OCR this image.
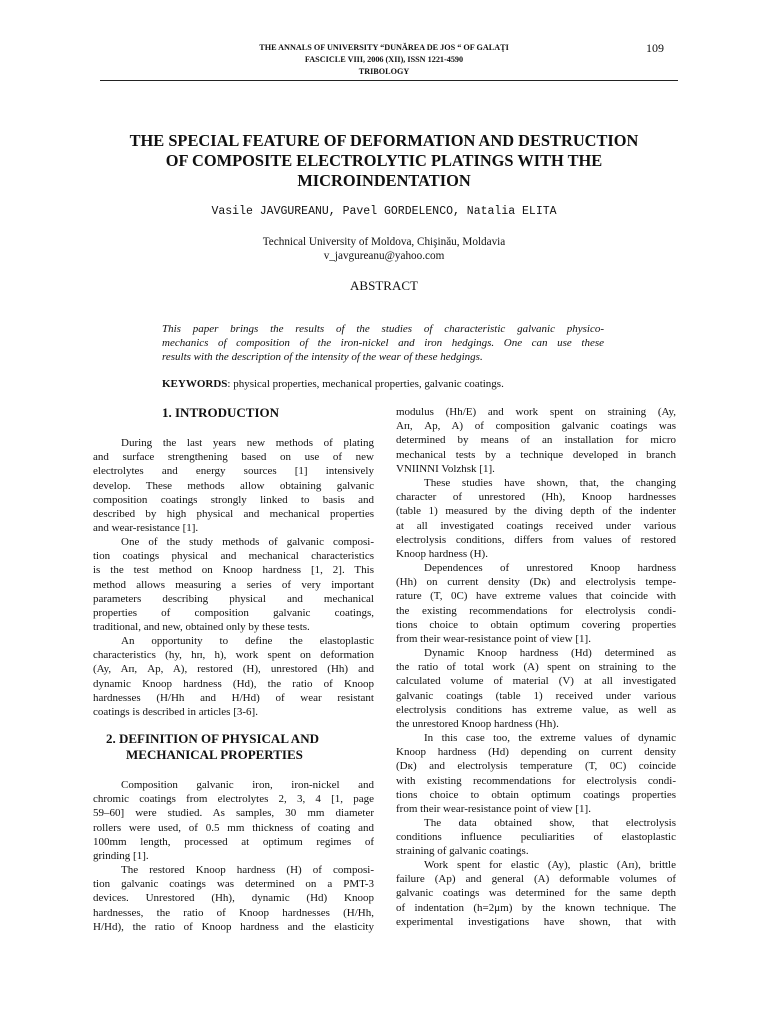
THE ANNALS OF UNIVERSITY “DUNĂREA DE JOS “ OF GALAŢI
FASCICLE VIII, 2006 (XII), ISSN 1221-4590
TRIBOLOGY
109
THE SPECIAL FEATURE OF DEFORMATION AND DESTRUCTION
OF COMPOSITE ELECTROLYTIC PLATINGS WITH THE
MICROINDENTATION
Vasile JAVGUREANU, Pavel GORDELENCO, Natalia ELITA
Technical University of Moldova, Chişinău, Moldavia
v_javgureanu@yahoo.com
ABSTRACT
This paper brings the results of the studies of characteristic galvanic physico-
mechanics of composition of the iron-nickel and iron hedgings. One can use these
results with the description of the intensity of the wear of these hedgings.
KEYWORDS: physical properties, mechanical properties, galvanic coatings.
1. INTRODUCTION
During the last years new methods of plating
and surface strengthening based on use of new
electrolytes and energy sources [1] intensively
develop. These methods allow obtaining galvanic
composition coatings strongly linked to basis and
described by high physical and mechanical properties
and wear-resistance [1].
One of the study methods of galvanic composi-
tion coatings physical and mechanical characteristics
is the test method on Knoop hardness [1, 2]. This
method allows measuring a series of very important
parameters describing physical and mechanical
properties of composition galvanic coatings,
traditional, and new, obtained only by these tests.
An opportunity to define the elastoplastic
characteristics (hy, hп, h), work spent on deformation
(Ay, Aп, Ap, A), restored (H), unrestored (Hh) and
dynamic Knoop hardness (Hd), the ratio of Knoop
hardnesses (H/Hh and H/Hd) of wear resistant
coatings is described in articles [3-6].
2. DEFINITION OF PHYSICAL AND
MECHANICAL PROPERTIES
Composition galvanic iron, iron-nickel and
chromic coatings from electrolytes 2, 3, 4 [1, page
59–60] were studied. As samples, 30 mm diameter
rollers were used, of 0.5 mm thickness of coating and
100mm length, processed at optimum regimes of
grinding [1].
The restored Knoop hardness (H) of composi-
tion galvanic coatings was determined on a PMT-3
devices. Unrestored (Hh), dynamic (Hd) Knoop
hardnesses, the ratio of Knoop hardnesses (H/Hh,
H/Hd), the ratio of Knoop hardness and the elasticity
modulus (Hh/E) and work spent on straining (Ay,
Aп, Ap, A) of composition galvanic coatings was
determined by means of an installation for micro
mechanical tests by a technique developed in branch
VNIINNI Volzhsk [1].
These studies have shown, that, the changing
character of unrestored (Hh), Knoop hardnesses
(table 1) measured by the diving depth of the indenter
at all investigated coatings received under various
electrolysis conditions, differs from values of restored
Knoop hardness (H).
Dependences of unrestored Knoop hardness
(Hh) on current density (Dк) and electrolysis tempe-
rature (T, 0C) have extreme values that coincide with
the existing recommendations for electrolysis condi-
tions choice to obtain optimum covering properties
from their wear-resistance point of view [1].
Dynamic Knoop hardness (Hd) determined as
the ratio of total work (A) spent on straining to the
calculated volume of material (V) at all investigated
galvanic coatings (table 1) received under various
electrolysis conditions has extreme value, as well as
the unrestored Knoop hardness (Hh).
In this case too, the extreme values of dynamic
Knoop hardness (Hd) depending on current density
(Dк) and electrolysis temperature (T, 0C) coincide
with existing recommendations for electrolysis condi-
tions choice to obtain optimum coatings properties
from their wear-resistance point of view [1].
The data obtained show, that electrolysis
conditions influence peculiarities of elastoplastic
straining of galvanic coatings.
Work spent for elastic (Ay), plastic (Aп), brittle
failure (Ap) and general (A) deformable volumes of
galvanic coatings was determined for the same depth
of indentation (h=2μm) by the known technique. The
experimental investigations have shown, that with
